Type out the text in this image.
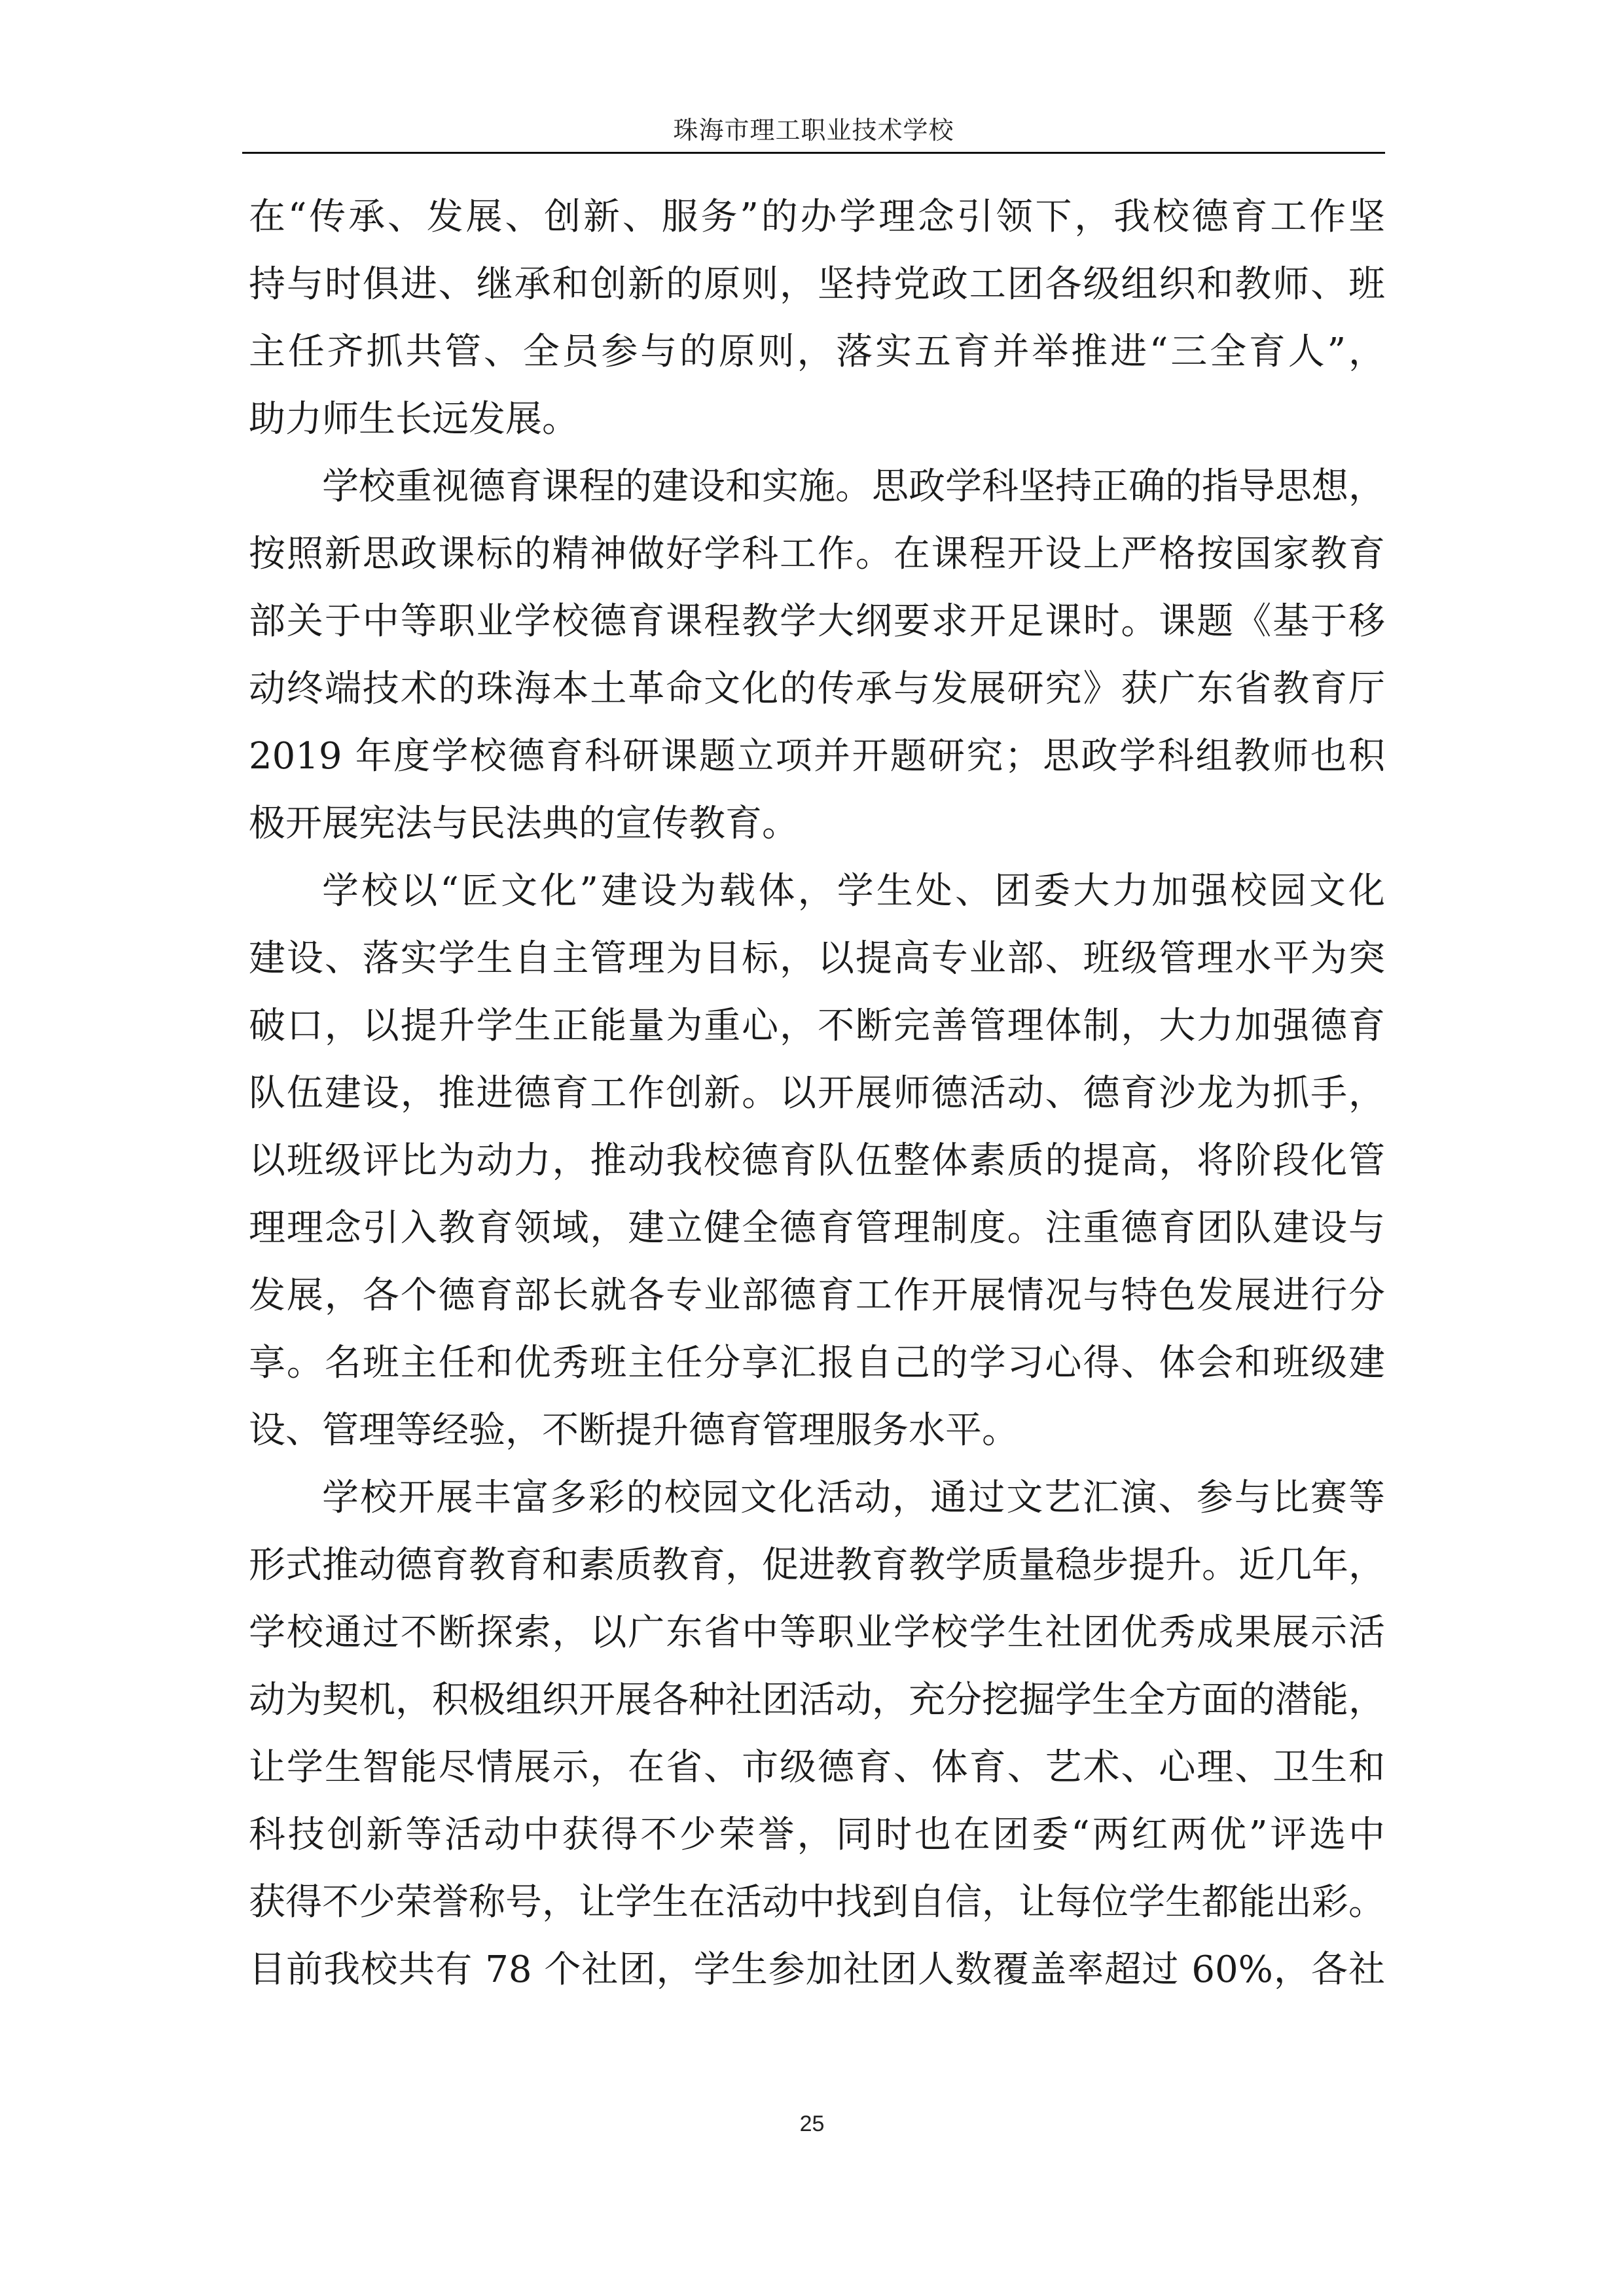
珠海市理工职业技术学校
在“传承、发展、创新、服务”的办学理念引领下，我校德育工作坚
持与时俱进、继承和创新的原则，坚持党政工团各级组织和教师、班
主任齐抓共管、全员参与的原则，落实五育并举推进“三全育人”，
助力师生长远发展。
学校重视德育课程的建设和实施。思政学科坚持正确的指导思想，
按照新思政课标的精神做好学科工作。在课程开设上严格按国家教育
部关于中等职业学校德育课程教学大纲要求开足课时。课题《基于移
动终端技术的珠海本土革命文化的传承与发展研究》获广东省教育厅
2019 年度学校德育科研课题立项并开题研究；思政学科组教师也积
极开展宪法与民法典的宣传教育。
学校以“匠文化”建设为载体，学生处、团委大力加强校园文化
建设、落实学生自主管理为目标，以提高专业部、班级管理水平为突
破口，以提升学生正能量为重心，不断完善管理体制，大力加强德育
队伍建设，推进德育工作创新。以开展师德活动、德育沙龙为抓手，
以班级评比为动力，推动我校德育队伍整体素质的提高，将阶段化管
理理念引入教育领域，建立健全德育管理制度。注重德育团队建设与
发展，各个德育部长就各专业部德育工作开展情况与特色发展进行分
享。名班主任和优秀班主任分享汇报自己的学习心得、体会和班级建
设、管理等经验，不断提升德育管理服务水平。
学校开展丰富多彩的校园文化活动，通过文艺汇演、参与比赛等
形式推动德育教育和素质教育，促进教育教学质量稳步提升。近几年，
学校通过不断探索，以广东省中等职业学校学生社团优秀成果展示活
动为契机，积极组织开展各种社团活动，充分挖掘学生全方面的潜能，
让学生智能尽情展示，在省、市级德育、体育、艺术、心理、卫生和
科技创新等活动中获得不少荣誉，同时也在团委“两红两优”评选中
获得不少荣誉称号，让学生在活动中找到自信，让每位学生都能出彩。
目前我校共有 78 个社团，学生参加社团人数覆盖率超过 60%，各社
25
